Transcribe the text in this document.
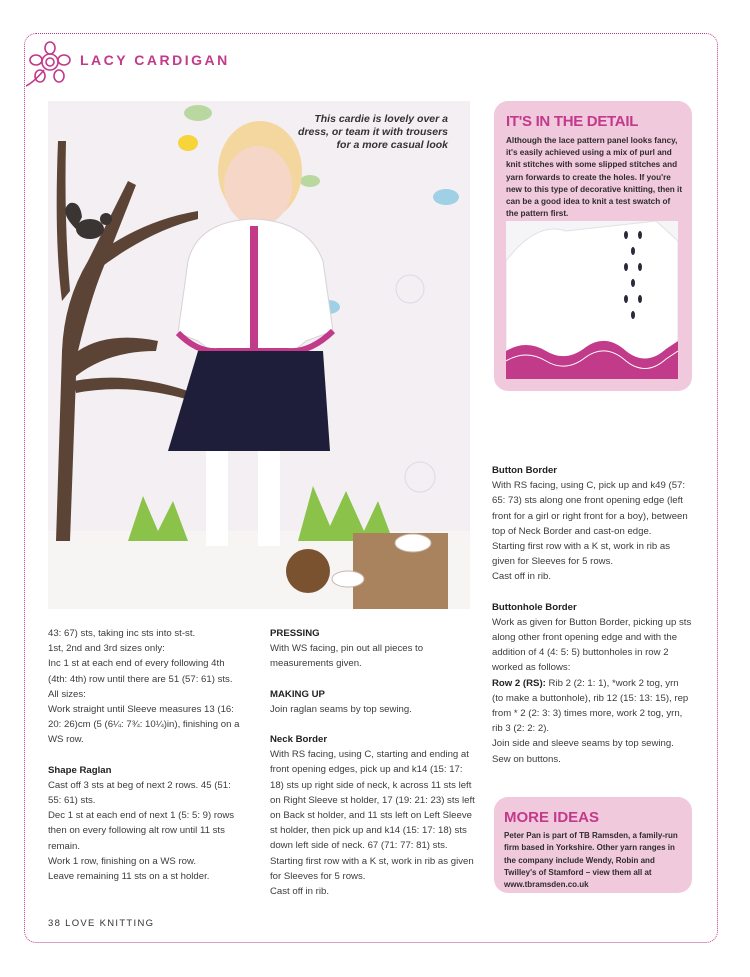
LACY CARDIGAN
This cardie is lovely over a dress, or team it with trousers for a more casual look
IT'S IN THE DETAIL
Although the lace pattern panel looks fancy, it's easily achieved using a mix of purl and knit stitches with some slipped stitches and yarn forwards to create the holes. If you're new to this type of decorative knitting, then it can be a good idea to knit a test swatch of the pattern first.

43: 67) sts, taking inc sts into st-st.

1st, 2nd and 3rd sizes only:

Inc 1 st at each end of every following 4th (4th: 4th) row until there are 51 (57: 61) sts.

All sizes:

Work straight until Sleeve measures 13 (16: 20: 26)cm (5 (6¼: 7¾: 10¼)in), finishing on a WS row.

Shape Raglan

Cast off 3 sts at beg of next 2 rows. 45 (51: 55: 61) sts.

Dec 1 st at each end of next 1 (5: 5: 9) rows then on every following alt row until 11 sts remain.

Work 1 row, finishing on a WS row.

Leave remaining 11 sts on a st holder.

PRESSING

With WS facing, pin out all pieces to measurements given.

MAKING UP

Join raglan seams by top sewing.

Neck Border

With RS facing, using C, starting and ending at front opening edges, pick up and k14 (15: 17: 18) sts up right side of neck, k across 11 sts left on Right Sleeve st holder, 17 (19: 21: 23) sts left on Back st holder, and 11 sts left on Left Sleeve st holder, then pick up and k14 (15: 17: 18) sts down left side of neck. 67 (71: 77: 81) sts.

Starting first row with a K st, work in rib as given for Sleeves for 5 rows.

Cast off in rib.

Button Border

With RS facing, using C, pick up and k49 (57: 65: 73) sts along one front opening edge (left front for a girl or right front for a boy), between top of Neck Border and cast-on edge.

Starting first row with a K st, work in rib as given for Sleeves for 5 rows.

Cast off in rib.

Buttonhole Border

Work as given for Button Border, picking up sts along other front opening edge and with the addition of 4 (4: 5: 5) buttonholes in row 2 worked as follows:

Row 2 (RS): Rib 2 (2: 1: 1), *work 2 tog, yrn (to make a buttonhole), rib 12 (15: 13: 15), rep from * 2 (2: 3: 3) times more, work 2 tog, yrn, rib 3 (2: 2: 2).

Join side and sleeve seams by top sewing. Sew on buttons.

MORE IDEAS
Peter Pan is part of TB Ramsden, a family-run firm based in Yorkshire. Other yarn ranges in the company include Wendy, Robin and Twilley's of Stamford – view them all at www.tbramsden.co.uk
38 LOVE KNITTING
